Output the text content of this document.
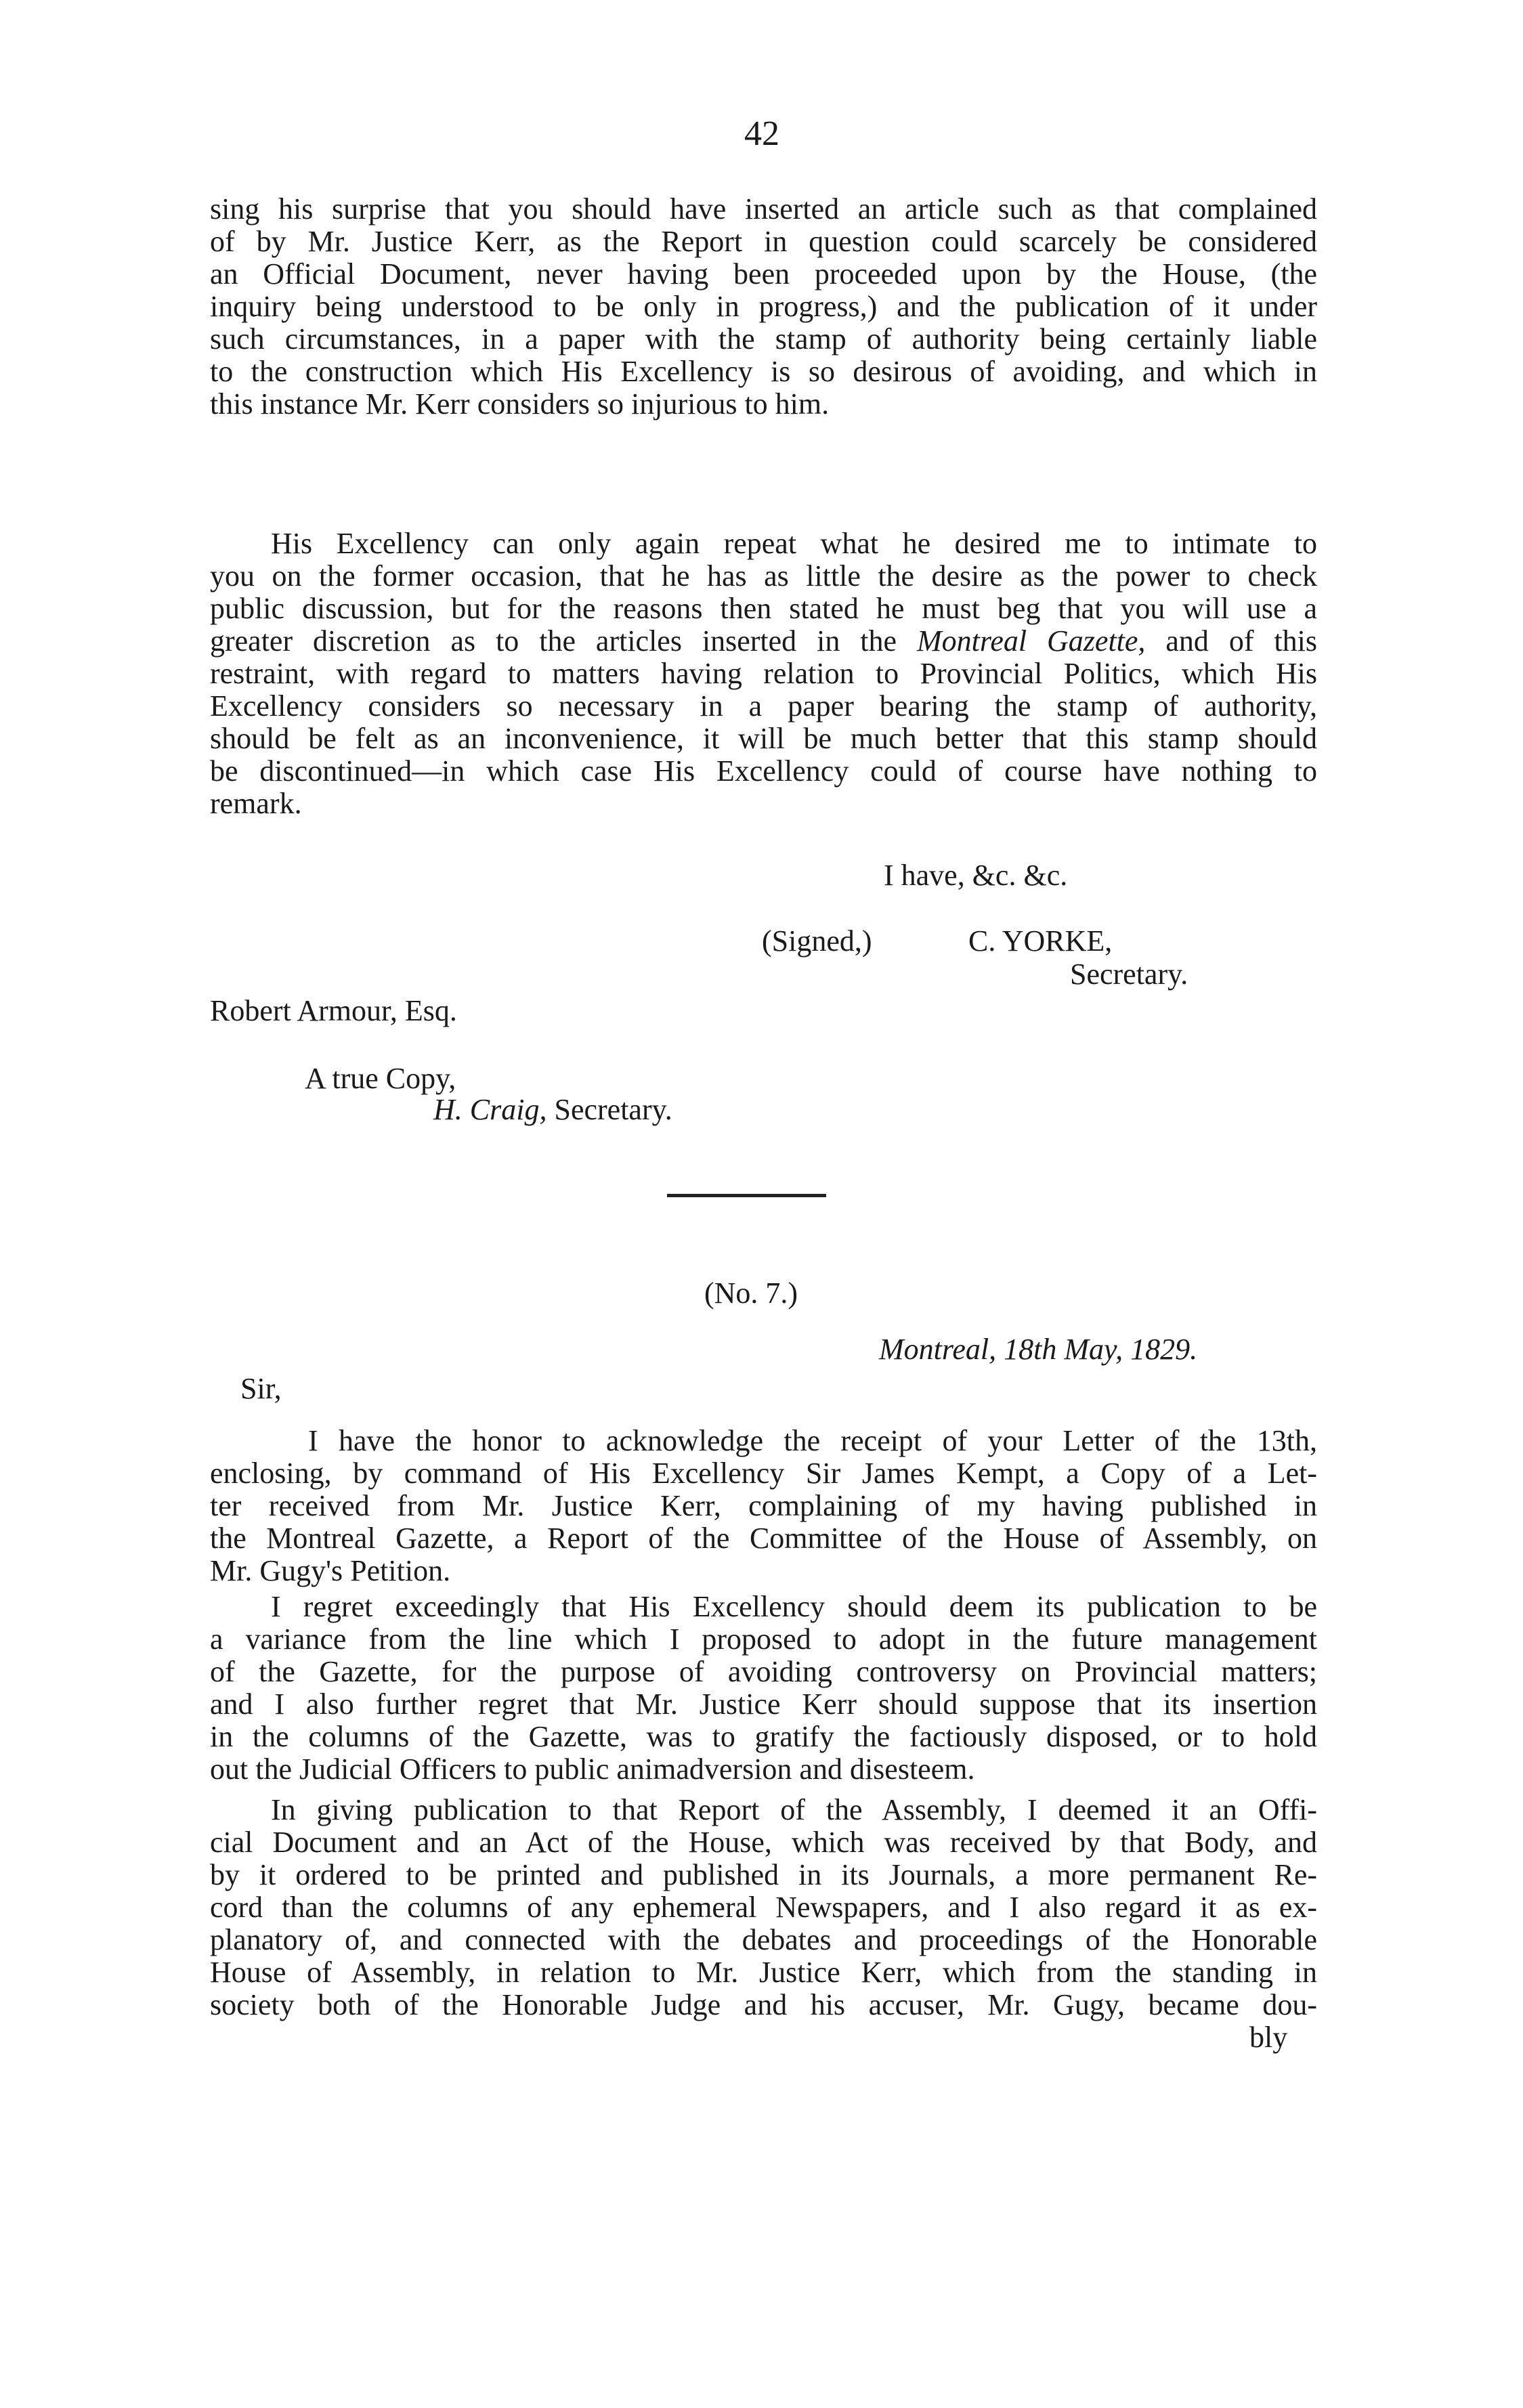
42
sing his surprise that you should have inserted an article such as that complained
of by Mr. Justice Kerr, as the Report in question could scarcely be considered
an Official Document, never having been proceeded upon by the House, (the
inquiry being understood to be only in progress,) and the publication of it under
such circumstances, in a paper with the stamp of authority being certainly liable
to the construction which His Excellency is so desirous of avoiding, and which in
this instance Mr. Kerr considers so injurious to him.
His Excellency can only again repeat what he desired me to intimate to
you on the former occasion, that he has as little the desire as the power to check
public discussion, but for the reasons then stated he must beg that you will use a
greater discretion as to the articles inserted in the Montreal Gazette, and of this
restraint, with regard to matters having relation to Provincial Politics, which His
Excellency considers so necessary in a paper bearing the stamp of authority,
should be felt as an inconvenience, it will be much better that this stamp should
be discontinued—in which case His Excellency could of course have nothing to
remark.
I have, &c. &c.
(Signed,)	C. YORKE,
Secretary.
Robert Armour, Esq.
A true Copy,
H. Craig, Secretary.
(No. 7.)
Montreal, 18th May, 1829.
Sir,
I have the honor to acknowledge the receipt of your Letter of the 13th,
enclosing, by command of His Excellency Sir James Kempt, a Copy of a Let-
ter received from Mr. Justice Kerr, complaining of my having published in
the Montreal Gazette, a Report of the Committee of the House of Assembly, on
Mr. Gugy's Petition.
I regret exceedingly that His Excellency should deem its publication to be
a variance from the line which I proposed to adopt in the future management
of the Gazette, for the purpose of avoiding controversy on Provincial matters;
and I also further regret that Mr. Justice Kerr should suppose that its insertion
in the columns of the Gazette, was to gratify the factiously disposed, or to hold
out the Judicial Officers to public animadversion and disesteem.
In giving publication to that Report of the Assembly, I deemed it an Offi-
cial Document and an Act of the House, which was received by that Body, and
by it ordered to be printed and published in its Journals, a more permanent Re-
cord than the columns of any ephemeral Newspapers, and I also regard it as ex-
planatory of, and connected with the debates and proceedings of the Honorable
House of Assembly, in relation to Mr. Justice Kerr, which from the standing in
society both of the Honorable Judge and his accuser, Mr. Gugy, became dou-
bly
